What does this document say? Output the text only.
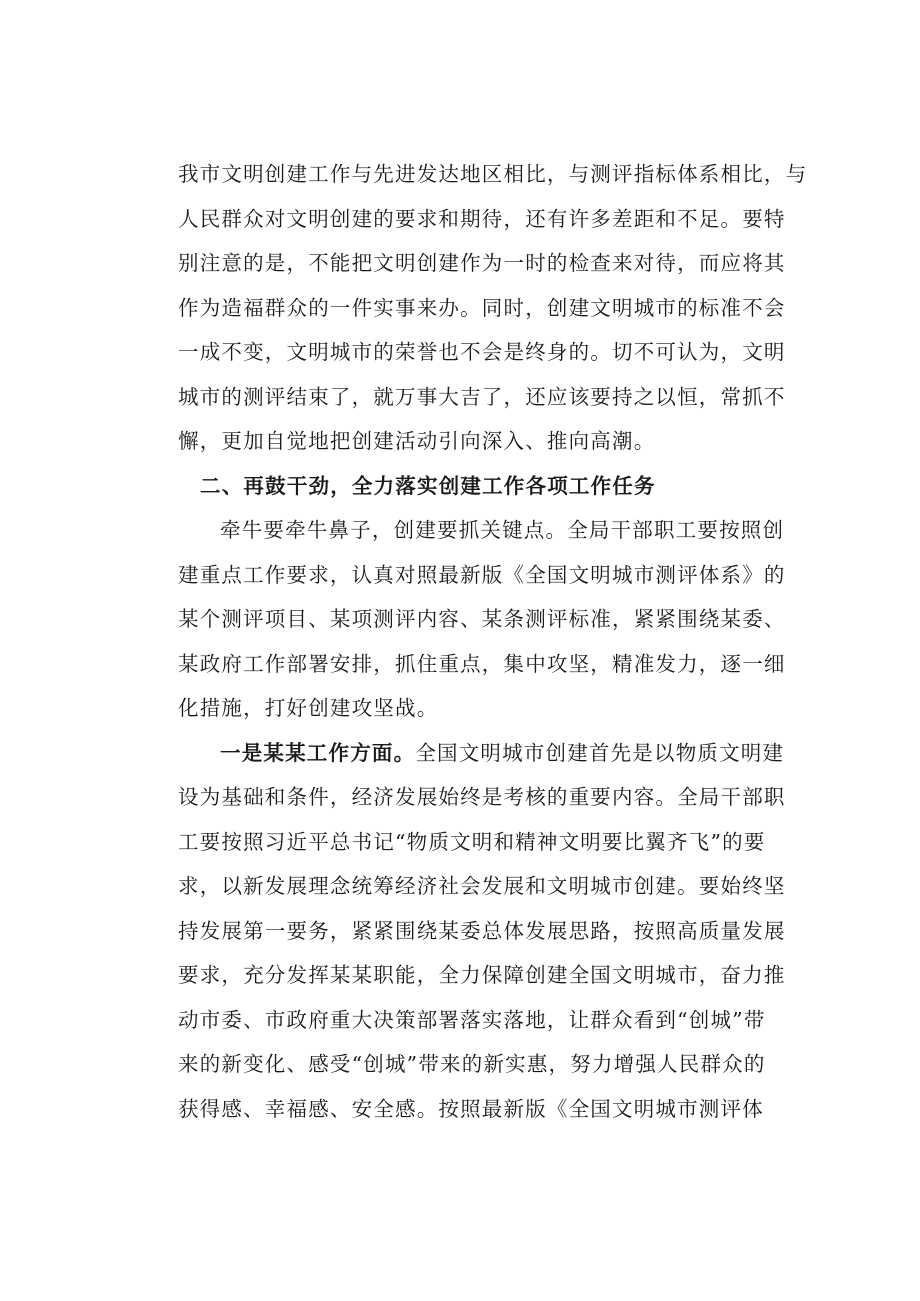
我市文明创建工作与先进发达地区相比，与测评指标体系相比，与
人民群众对文明创建的要求和期待，还有许多差距和不足。要特
别注意的是，不能把文明创建作为一时的检查来对待，而应将其
作为造福群众的一件实事来办。同时，创建文明城市的标准不会
一成不变，文明城市的荣誉也不会是终身的。切不可认为，文明
城市的测评结束了，就万事大吉了，还应该要持之以恒，常抓不
懈，更加自觉地把创建活动引向深入、推向高潮。
二、再鼓干劲，全力落实创建工作各项工作任务
牵牛要牵牛鼻子，创建要抓关键点。全局干部职工要按照创
建重点工作要求，认真对照最新版《全国文明城市测评体系》的
某个测评项目、某项测评内容、某条测评标准，紧紧围绕某委、
某政府工作部署安排，抓住重点，集中攻坚，精准发力，逐一细
化措施，打好创建攻坚战。
一是某某工作方面。全国文明城市创建首先是以物质文明建
设为基础和条件，经济发展始终是考核的重要内容。全局干部职
工要按照习近平总书记“物质文明和精神文明要比翼齐飞”的要
求，以新发展理念统筹经济社会发展和文明城市创建。要始终坚
持发展第一要务，紧紧围绕某委总体发展思路，按照高质量发展
要求，充分发挥某某职能，全力保障创建全国文明城市，奋力推
动市委、市政府重大决策部署落实落地，让群众看到“创城”带
来的新变化、感受“创城”带来的新实惠，努力增强人民群众的
获得感、幸福感、安全感。按照最新版《全国文明城市测评体
